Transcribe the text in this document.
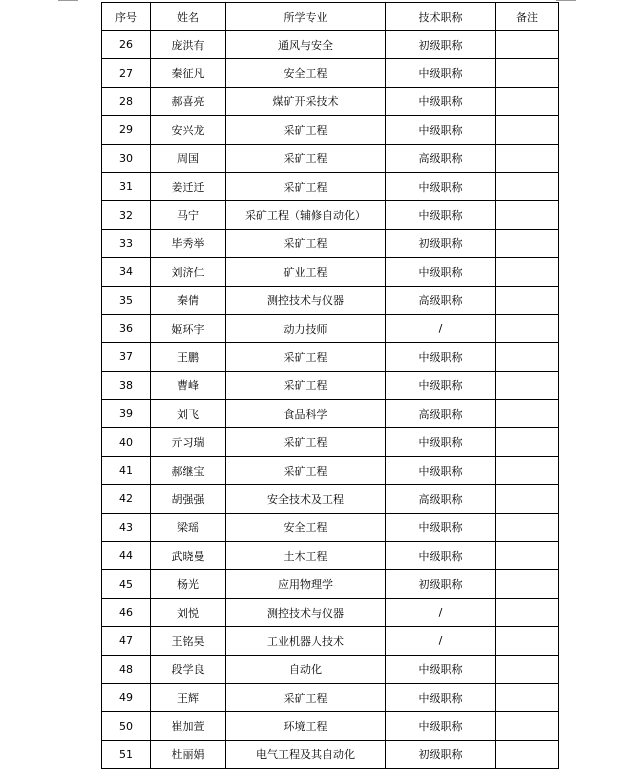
序号	姓名	所学专业	技术职称	备注
26	庞洪有	通风与安全	初级职称	
27	秦征凡	安全工程	中级职称	
28	郝喜亮	煤矿开采技术	中级职称	
29	安兴龙	采矿工程	中级职称	
30	周国	采矿工程	高级职称	
31	姜迁迁	采矿工程	中级职称	
32	马宁	采矿工程（辅修自动化）	中级职称	
33	毕秀举	采矿工程	初级职称	
34	刘济仁	矿业工程	中级职称	
35	秦倩	测控技术与仪器	高级职称	
36	姬环宇	动力技师	/	
37	王鹏	采矿工程	中级职称	
38	曹峰	采矿工程	中级职称	
39	刘飞	食品科学	高级职称	
40	亓习瑞	采矿工程	中级职称	
41	郝继宝	采矿工程	中级职称	
42	胡强强	安全技术及工程	高级职称	
43	梁瑶	安全工程	中级职称	
44	武晓曼	土木工程	中级职称	
45	杨光	应用物理学	初级职称	
46	刘悦	测控技术与仪器	/	
47	王铭昊	工业机器人技术	/	
48	段学良	自动化	中级职称	
49	王辉	采矿工程	中级职称	
50	崔加萱	环境工程	中级职称	
51	杜丽娟	电气工程及其自动化	初级职称	
